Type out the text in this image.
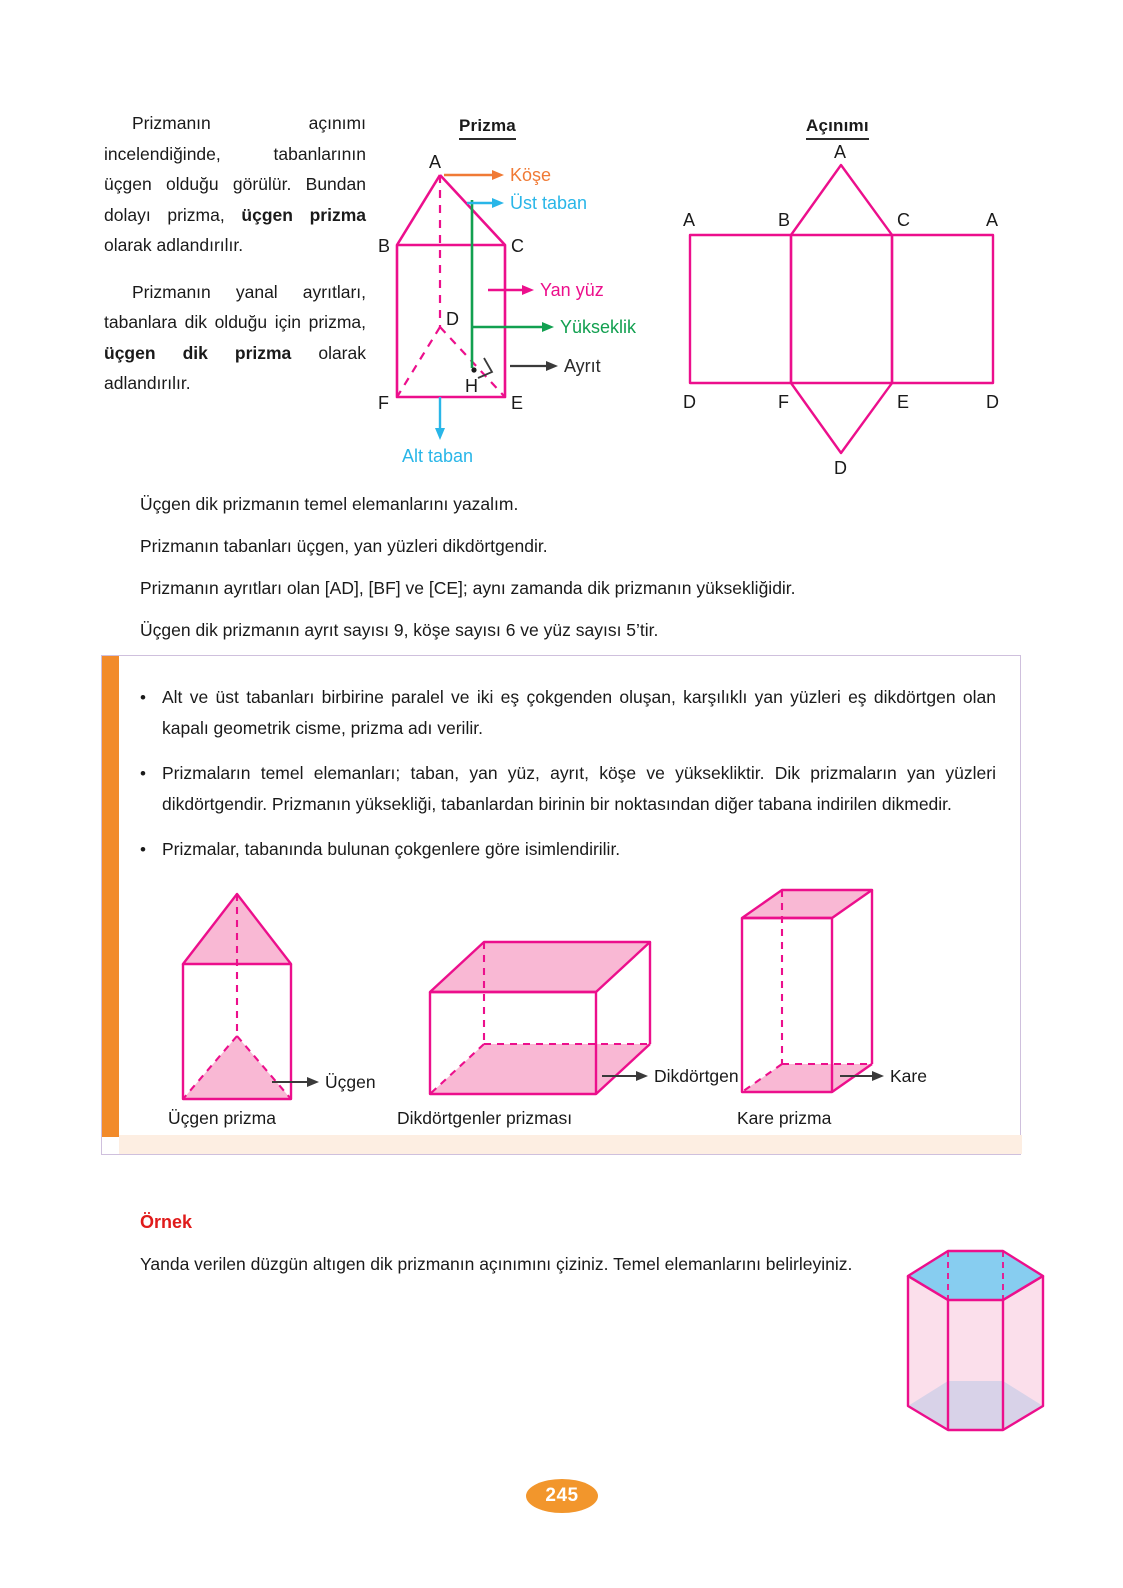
Prizmanın açınımı incelendiğinde, tabanlarının üçgen olduğu görülür. Bundan dolayı prizma, üçgen prizma olarak adlandırılır.

Prizmanın yanal ayrıtları, tabanlara dik olduğu için prizma, üçgen dik prizma olarak adlandırılır.

Prizma	Açınımı
A
B	C
D
E
F
H
Köşe
Üst taban
Yan yüz
Yükseklik
Ayrıt
Alt taban
A
A	B	C	A
D	F	E	D
D

Üçgen dik prizmanın temel elemanlarını yazalım.

Prizmanın tabanları üçgen, yan yüzleri dikdörtgendir.

Prizmanın ayrıtları olan [AD], [BF] ve [CE]; aynı zamanda dik prizmanın yüksekliğidir.

Üçgen dik prizmanın ayrıt sayısı 9, köşe sayısı 6 ve yüz sayısı 5’tir.

• Alt ve üst tabanları birbirine paralel ve iki eş çokgenden oluşan, karşılıklı yan yüzleri eş dikdörtgen olan kapalı geometrik cisme, prizma adı verilir.
• Prizmaların temel elemanları; taban, yan yüz, ayrıt, köşe ve yüksekliktir. Dik prizmaların yan yüzleri dikdörtgendir. Prizmanın yüksekliği, tabanlardan birinin bir noktasından diğer tabana indirilen dikmedir.
• Prizmalar, tabanında bulunan çokgenlere göre isimlendirilir.
Üçgen	Dikdörtgen	Kare
Üçgen prizma	Dikdörtgenler prizması	Kare prizma
Örnek

Yanda verilen düzgün altıgen dik prizmanın açınımını çiziniz. Temel elemanlarını belirleyiniz.

245
